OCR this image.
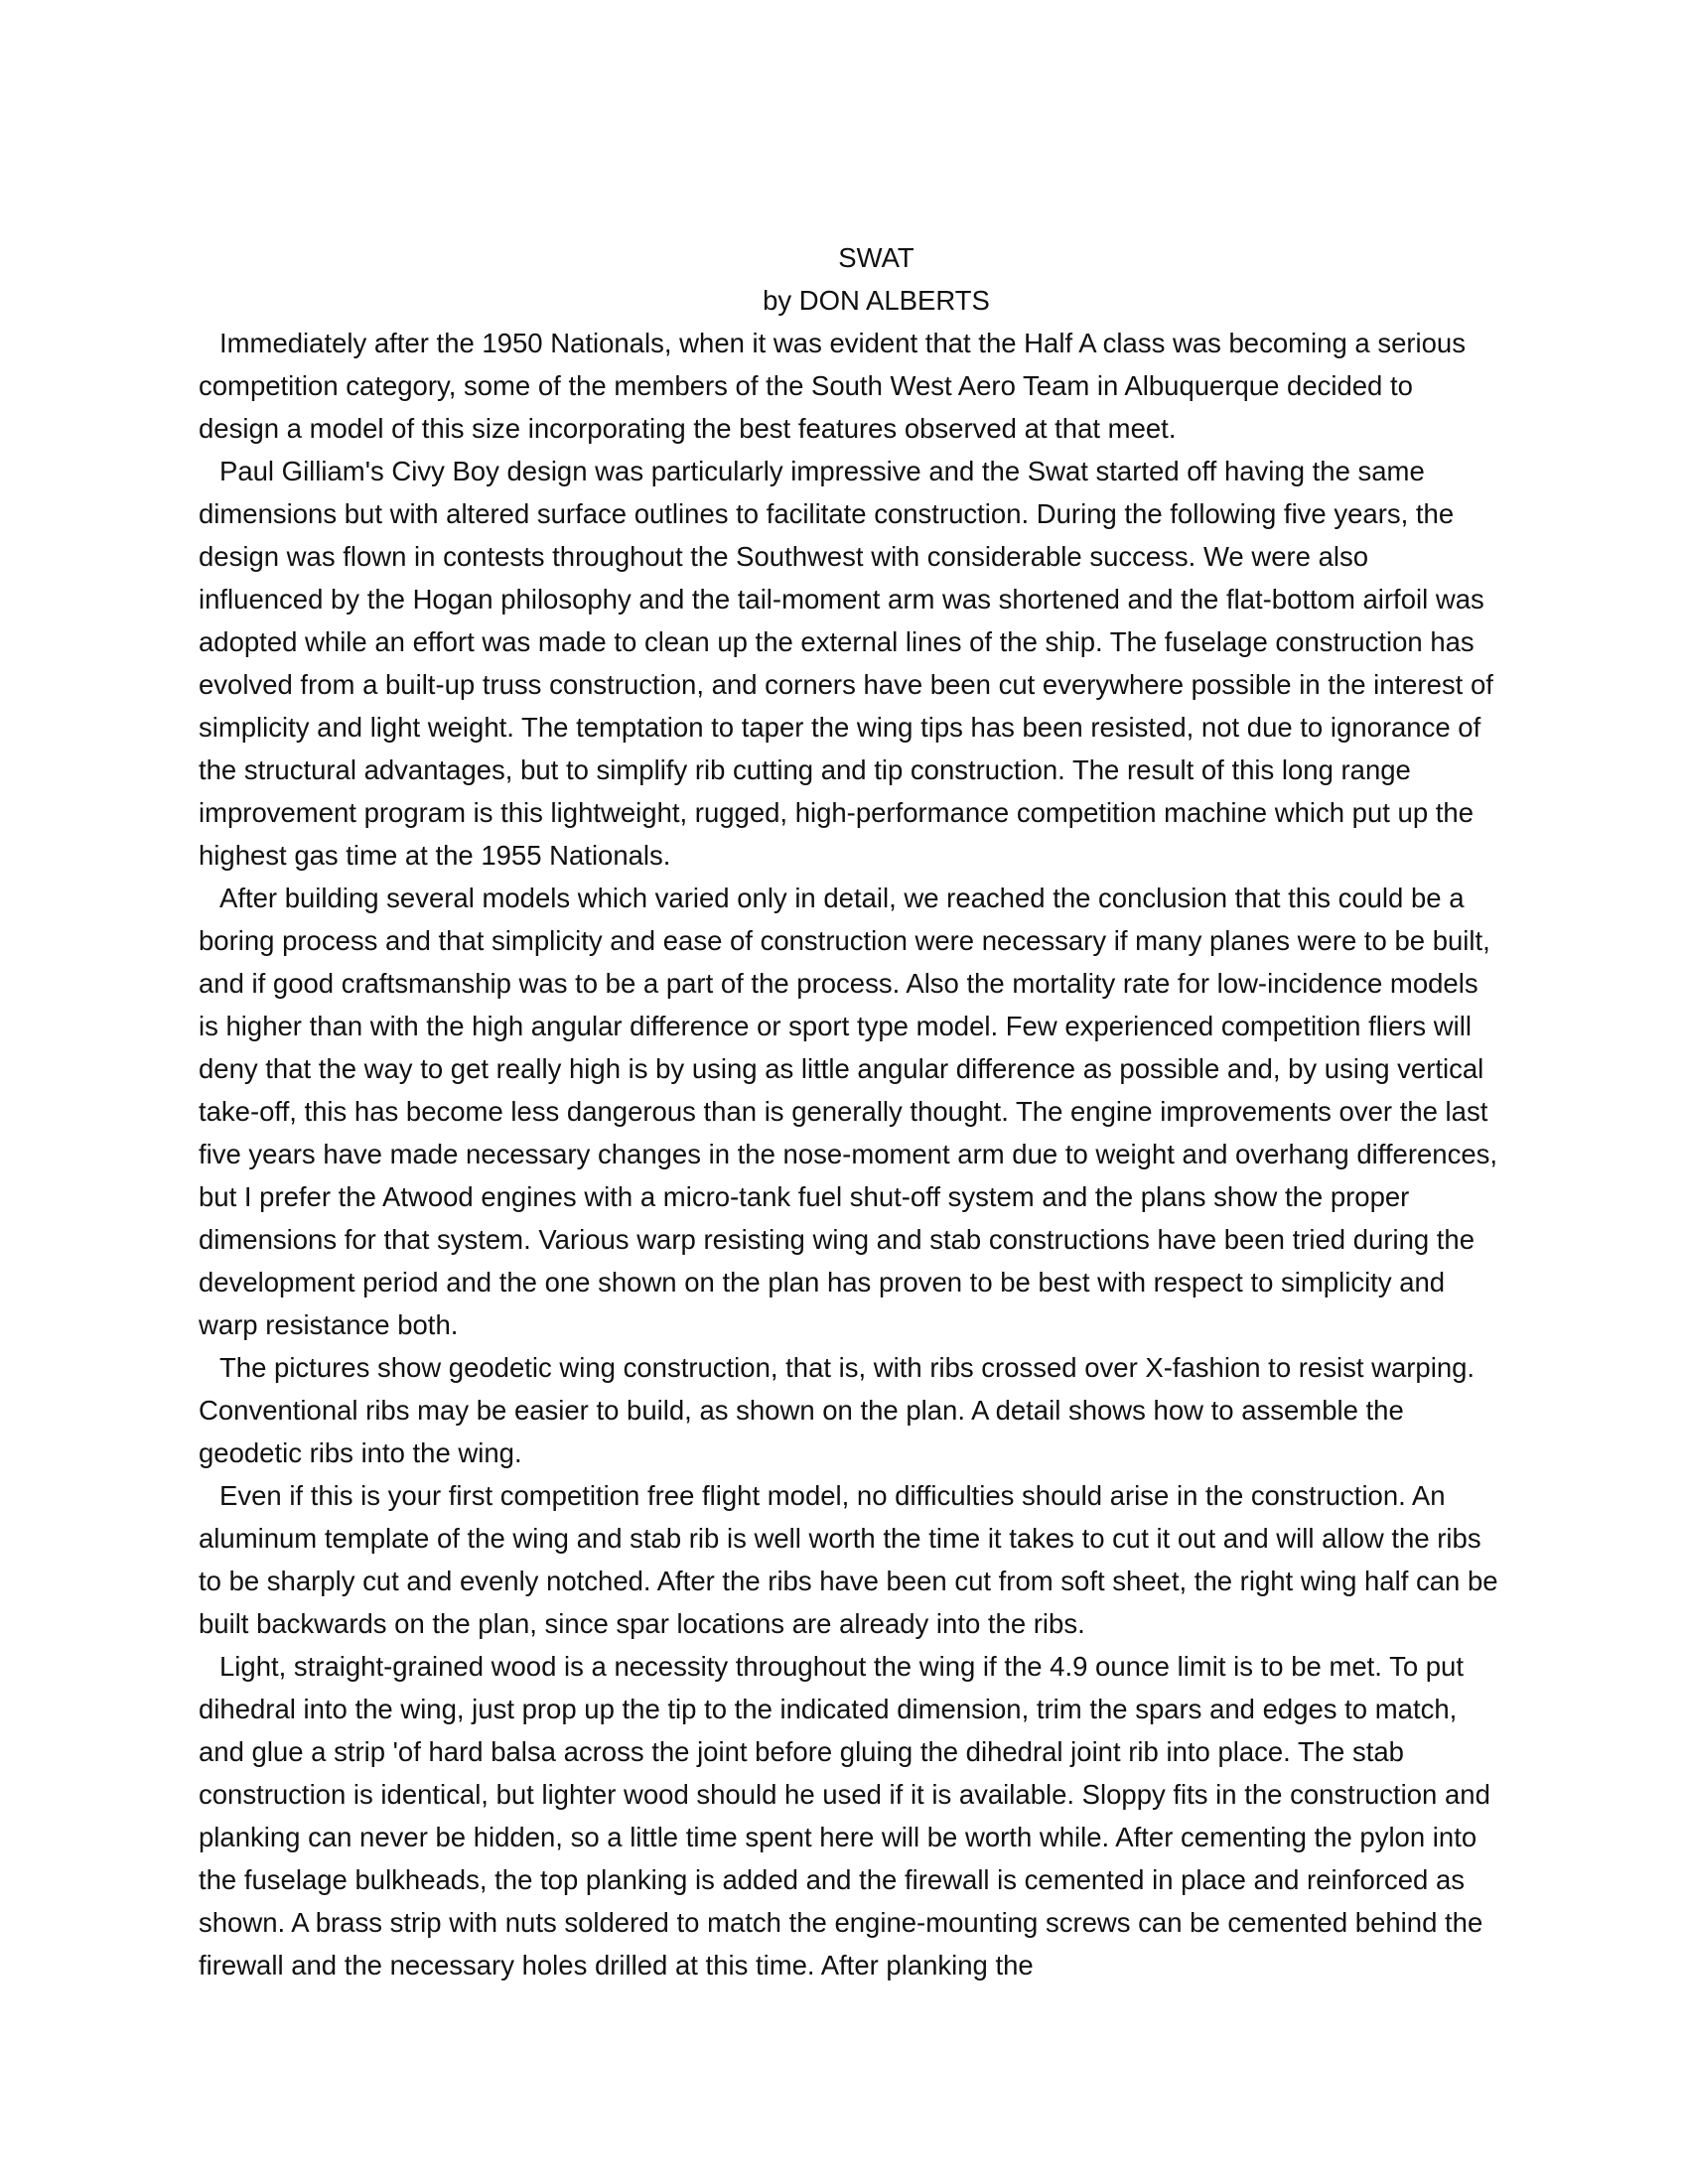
SWAT
by DON ALBERTS

Immediately after the 1950 Nationals, when it was evident that the Half A class was becoming a serious competition category, some of the members of the South West Aero Team in Albuquerque decided to design a model of this size incorporating the best features observed at that meet.

Paul Gilliam's Civy Boy design was particularly impressive and the Swat started off having the same dimensions but with altered surface outlines to facilitate construction. During the following five years, the design was flown in contests throughout the Southwest with considerable success. We were also influenced by the Hogan philosophy and the tail-moment arm was shortened and the flat-bottom airfoil was adopted while an effort was made to clean up the external lines of the ship. The fuselage construction has evolved from a built-up truss construction, and corners have been cut everywhere possible in the interest of simplicity and light weight. The temptation to taper the wing tips has been resisted, not due to ignorance of the structural advantages, but to simplify rib cutting and tip construction. The result of this long range improvement program is this lightweight, rugged, high-performance competition machine which put up the highest gas time at the 1955 Nationals.

After building several models which varied only in detail, we reached the conclusion that this could be a boring process and that simplicity and ease of construction were necessary if many planes were to be built, and if good craftsmanship was to be a part of the process. Also the mortality rate for low-incidence models is higher than with the high angular difference or sport type model. Few experienced competition fliers will deny that the way to get really high is by using as little angular difference as possible and, by using vertical take-off, this has become less dangerous than is generally thought. The engine improvements over the last five years have made necessary changes in the nose-moment arm due to weight and overhang differences, but I prefer the Atwood engines with a micro-tank fuel shut-off system and the plans show the proper dimensions for that system. Various warp resisting wing and stab constructions have been tried during the development period and the one shown on the plan has proven to be best with respect to simplicity and warp resistance both.

The pictures show geodetic wing construction, that is, with ribs crossed over X-fashion to resist warping. Conventional ribs may be easier to build, as shown on the plan. A detail shows how to assemble the geodetic ribs into the wing.

Even if this is your first competition free flight model, no difficulties should arise in the construction. An aluminum template of the wing and stab rib is well worth the time it takes to cut it out and will allow the ribs to be sharply cut and evenly notched. After the ribs have been cut from soft sheet, the right wing half can be built backwards on the plan, since spar locations are already into the ribs.

Light, straight-grained wood is a necessity throughout the wing if the 4.9 ounce limit is to be met. To put dihedral into the wing, just prop up the tip to the indicated dimension, trim the spars and edges to match, and glue a strip 'of hard balsa across the joint before gluing the dihedral joint rib into place. The stab construction is identical, but lighter wood should he used if it is available. Sloppy fits in the construction and planking can never be hidden, so a little time spent here will be worth while. After cementing the pylon into the fuselage bulkheads, the top planking is added and the firewall is cemented in place and reinforced as shown. A brass strip with nuts soldered to match the engine-mounting screws can be cemented behind the firewall and the necessary holes drilled at this time. After planking the
